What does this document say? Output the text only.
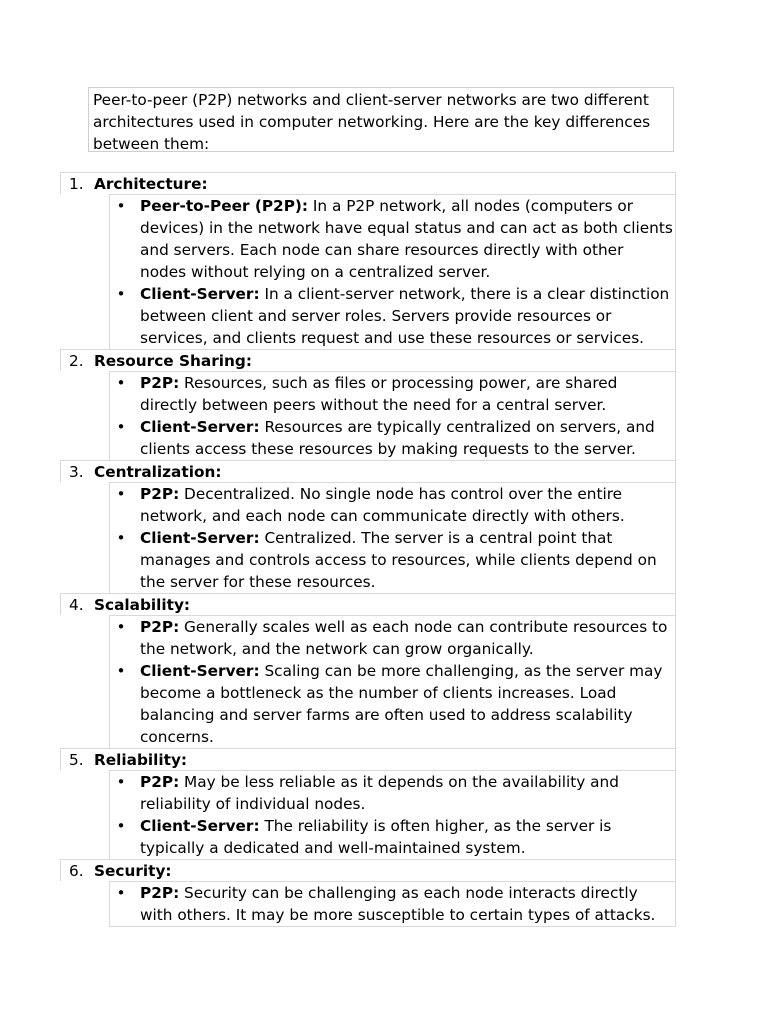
Peer-to-peer (P2P) networks and client-server networks are two different architectures used in computer networking. Here are the key differences between them:
1. Architecture:
• Peer-to-Peer (P2P): In a P2P network, all nodes (computers or devices) in the network have equal status and can act as both clients and servers. Each node can share resources directly with other nodes without relying on a centralized server.
• Client-Server: In a client-server network, there is a clear distinction between client and server roles. Servers provide resources or services, and clients request and use these resources or services.
2. Resource Sharing:
• P2P: Resources, such as files or processing power, are shared directly between peers without the need for a central server.
• Client-Server: Resources are typically centralized on servers, and clients access these resources by making requests to the server.
3. Centralization:
• P2P: Decentralized. No single node has control over the entire network, and each node can communicate directly with others.
• Client-Server: Centralized. The server is a central point that manages and controls access to resources, while clients depend on the server for these resources.
4. Scalability:
• P2P: Generally scales well as each node can contribute resources to the network, and the network can grow organically.
• Client-Server: Scaling can be more challenging, as the server may become a bottleneck as the number of clients increases. Load balancing and server farms are often used to address scalability concerns.
5. Reliability:
• P2P: May be less reliable as it depends on the availability and reliability of individual nodes.
• Client-Server: The reliability is often higher, as the server is typically a dedicated and well-maintained system.
6. Security:
• P2P: Security can be challenging as each node interacts directly with others. It may be more susceptible to certain types of attacks.
